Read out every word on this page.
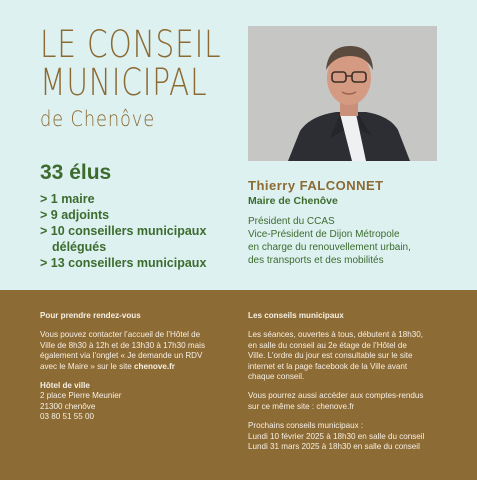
LE CONSEIL
MUNICIPAL
de Chenôve
33 élus
> 1 maire
> 9 adjoints
> 10 conseillers municipaux
délégués
> 13 conseillers municipaux
Thierry FALCONNET
Maire de Chenôve
Président du CCAS
Vice-Président de Dijon Métropole
en charge du renouvellement urbain,
des transports et des mobilités
Pour prendre rendez-vous
Vous pouvez contacter l’accueil de l’Hôtel de
Ville de 8h30 à 12h et de 13h30 à 17h30 mais
également via l’onglet « Je demande un RDV
avec le Maire » sur le site chenove.fr
Hôtel de ville
2 place Pierre Meunier
21300 chenôve
03 80 51 55 00
Les conseils municipaux
Les séances, ouvertes à tous, débutent à 18h30,
en salle du conseil au 2e étage de l’Hôtel de
Ville. L’ordre du jour est consultable sur le site
internet et la page facebook de la Ville avant
chaque conseil.
Vous pourrez aussi accéder aux comptes-rendus
sur ce même site : chenove.fr
Prochains conseils municipaux :
Lundi 10 février 2025 à 18h30 en salle du conseil
Lundi 31 mars 2025 à 18h30 en salle du conseil
